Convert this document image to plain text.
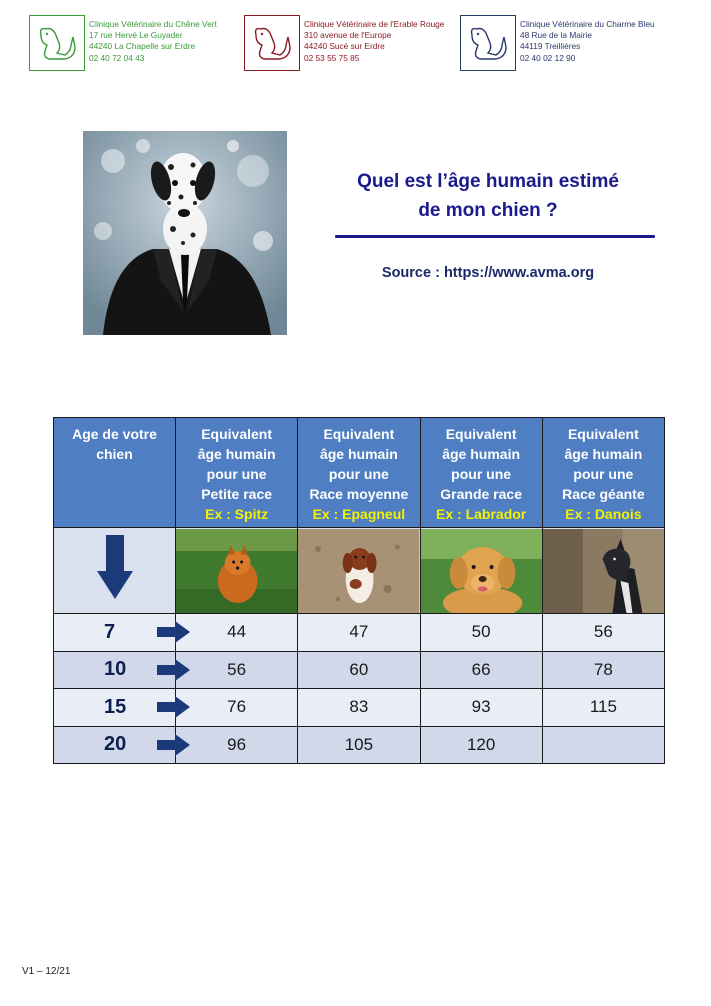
Clinique Vétérinaire du Chêne Vert
17 rue Hervé Le Guyader
44240 La Chapelle sur Erdre
02 40 72 04 43
Clinique Vétérinaire de l'Erable Rouge
310 avenue de l'Europe
44240 Sucé sur Erdre
02 53 55 75 85
Clinique Vétérinaire du Charme Bleu
48 Rue de la Mairie
44119 Treillières
02 40 02 12 90
Quel est l’âge humain estimé
de mon chien ?
Source : https://www.avma.org
Age de votre
chien	Equivalent
âge humain
pour une
Petite race
Ex : Spitz	Equivalent
âge humain
pour une
Race moyenne
Ex : Epagneul	Equivalent
âge humain
pour une
Grande race
Ex : Labrador	Equivalent
âge humain
pour une
Race géante
Ex : Danois

7	44	47	50	56
10	56	60	66	78
15	76	83	93	115
20	96	105	120	
V1 – 12/21
